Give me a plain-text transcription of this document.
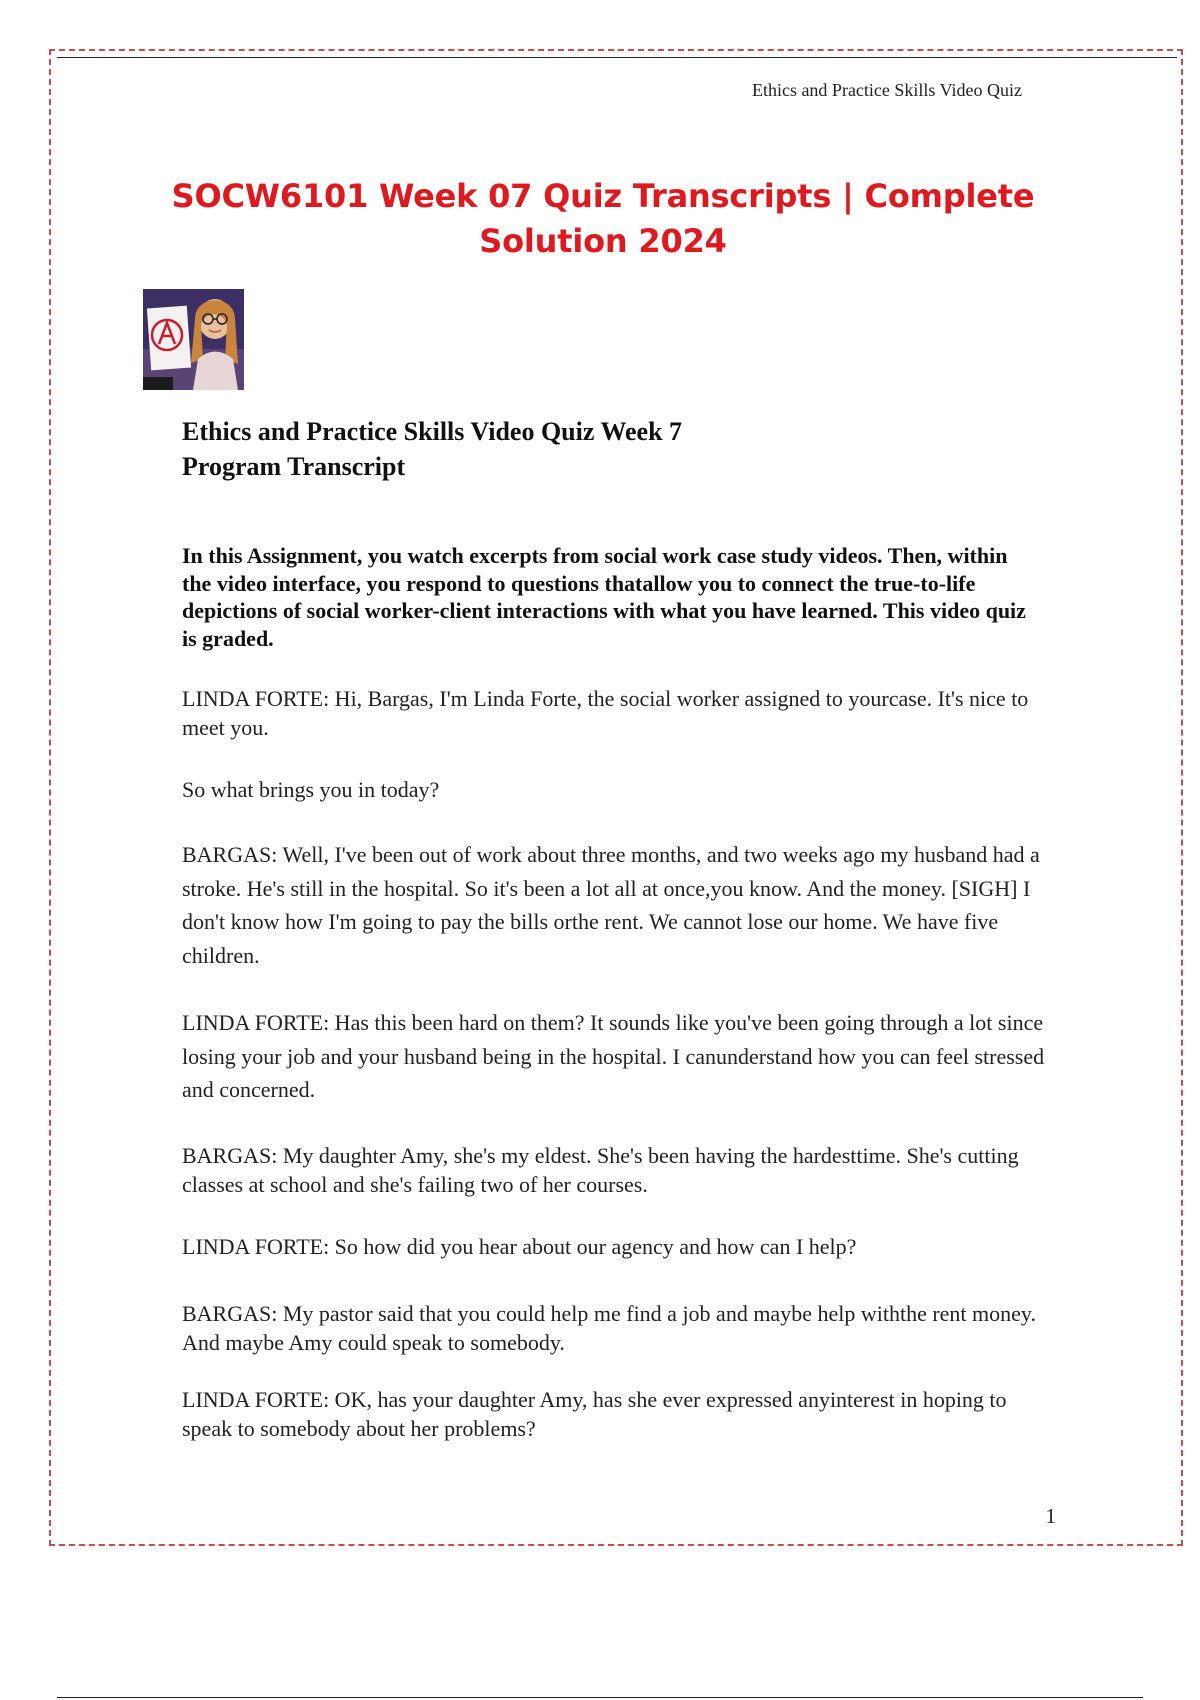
Ethics and Practice Skills Video Quiz
SOCW6101 Week 07 Quiz Transcripts | Complete Solution 2024
Ethics and Practice Skills Video Quiz Week 7
Program Transcript
In this Assignment, you watch excerpts from social work case study videos. Then, within the video interface, you respond to questions thatallow you to connect the true-to-life depictions of social worker-client interactions with what you have learned. This video quiz is graded.
LINDA FORTE: Hi, Bargas, I'm Linda Forte, the social worker assigned to yourcase. It's nice to meet you.
So what brings you in today?
BARGAS: Well, I've been out of work about three months, and two weeks ago my husband had a stroke. He's still in the hospital. So it's been a lot all at once,you know. And the money. [SIGH] I don't know how I'm going to pay the bills orthe rent. We cannot lose our home. We have five children.
LINDA FORTE: Has this been hard on them? It sounds like you've been going through a lot since losing your job and your husband being in the hospital. I canunderstand how you can feel stressed and concerned.
BARGAS: My daughter Amy, she's my eldest. She's been having the hardesttime. She's cutting classes at school and she's failing two of her courses.
LINDA FORTE: So how did you hear about our agency and how can I help?
BARGAS: My pastor said that you could help me find a job and maybe help withthe rent money. And maybe Amy could speak to somebody.
LINDA FORTE: OK, has your daughter Amy, has she ever expressed anyinterest in hoping to speak to somebody about her problems?
1
